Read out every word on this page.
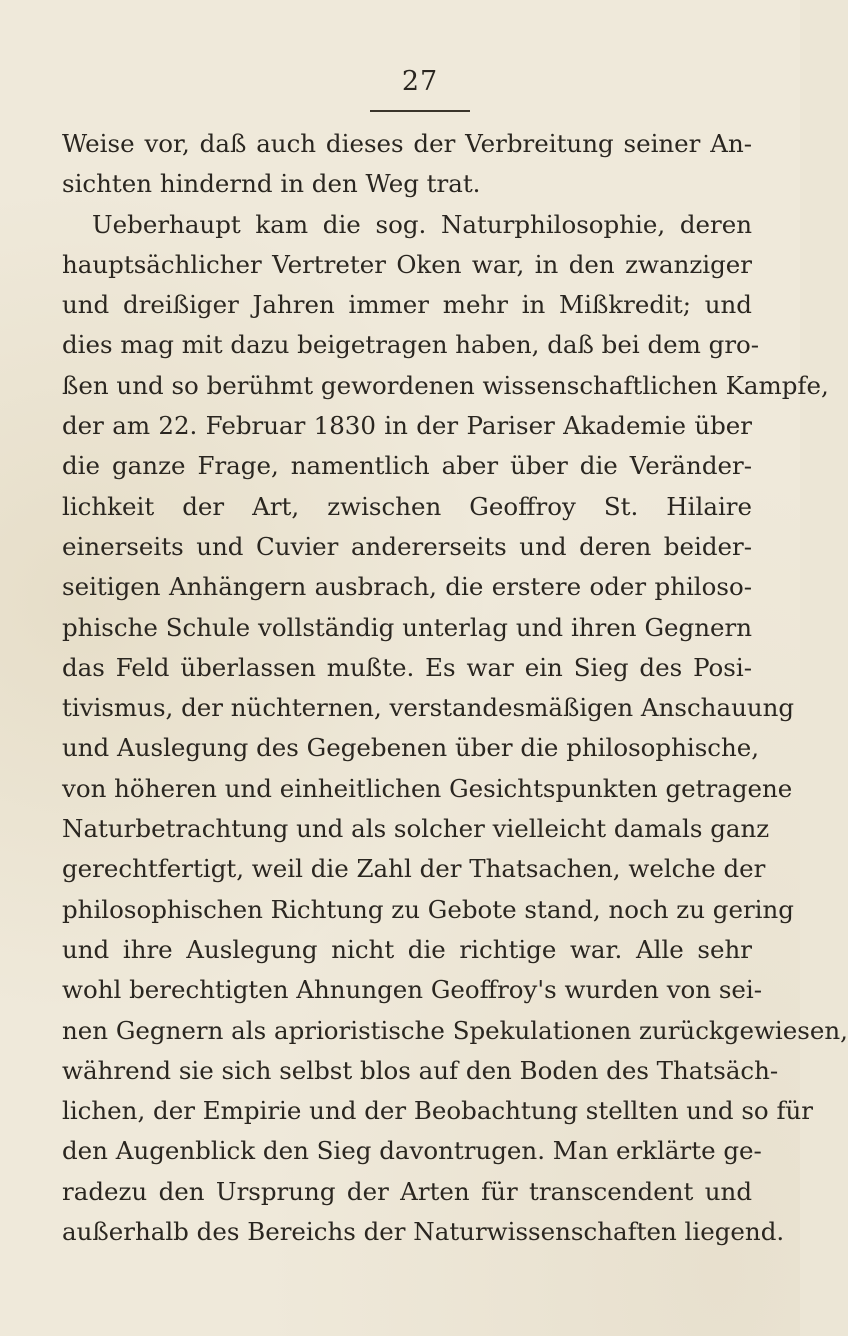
27
Weise vor, daß auch dieses der Verbreitung seiner An-
sichten hindernd in den Weg trat.
Ueberhaupt kam die sog. Naturphilosophie, deren
hauptsächlicher Vertreter Oken war, in den zwanziger
und dreißiger Jahren immer mehr in Mißkredit; und
dies mag mit dazu beigetragen haben, daß bei dem gro-
ßen und so berühmt gewordenen wissenschaftlichen Kampfe,
der am 22. Februar 1830 in der Pariser Akademie über
die ganze Frage, namentlich aber über die Veränder-
lichkeit der Art, zwischen Geoffroy St. Hilaire
einerseits und Cuvier andererseits und deren beider-
seitigen Anhängern ausbrach, die erstere oder philoso-
phische Schule vollständig unterlag und ihren Gegnern
das Feld überlassen mußte. Es war ein Sieg des Posi-
tivismus, der nüchternen, verstandesmäßigen Anschauung
und Auslegung des Gegebenen über die philosophische,
von höheren und einheitlichen Gesichtspunkten getragene
Naturbetrachtung und als solcher vielleicht damals ganz
gerechtfertigt, weil die Zahl der Thatsachen, welche der
philosophischen Richtung zu Gebote stand, noch zu gering
und ihre Auslegung nicht die richtige war. Alle sehr
wohl berechtigten Ahnungen Geoffroy's wurden von sei-
nen Gegnern als aprioristische Spekulationen zurückgewiesen,
während sie sich selbst blos auf den Boden des Thatsäch-
lichen, der Empirie und der Beobachtung stellten und so für
den Augenblick den Sieg davontrugen. Man erklärte ge-
radezu den Ursprung der Arten für transcendent und
außerhalb des Bereichs der Naturwissenschaften liegend.
